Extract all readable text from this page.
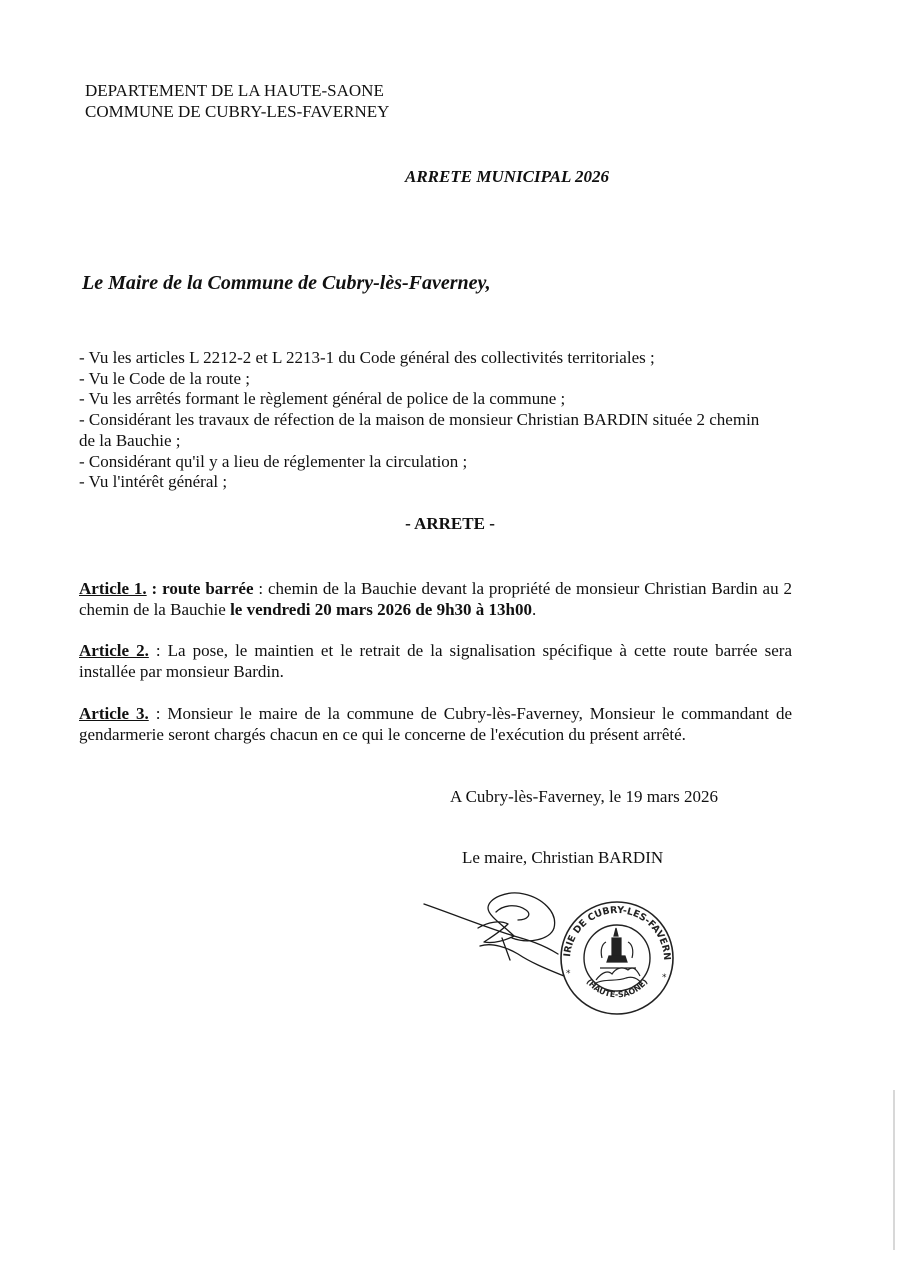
DEPARTEMENT DE LA HAUTE-SAONE
COMMUNE DE CUBRY-LES-FAVERNEY
ARRETE MUNICIPAL 2026
Le Maire de la Commune de Cubry-lès-Faverney,
- Vu les articles L 2212-2 et L 2213-1 du Code général des collectivités territoriales ;
- Vu le Code de la route ;
- Vu les arrêtés formant le règlement général de police de la commune ;
- Considérant les travaux de réfection de la maison de monsieur Christian BARDIN située 2 chemin de la Bauchie ;
- Considérant qu'il y a lieu de réglementer la circulation ;
- Vu l'intérêt général ;
- ARRETE -
Article 1. : route barrée : chemin de la Bauchie devant la propriété de monsieur Christian Bardin au 2 chemin de la Bauchie le vendredi 20 mars 2026 de 9h30 à 13h00.
Article 2. : La pose, le maintien et le retrait de la signalisation spécifique à cette route barrée sera installée par monsieur Bardin.
Article 3. : Monsieur le maire de la commune de Cubry-lès-Faverney, Monsieur le commandant de gendarmerie seront chargés chacun en ce qui le concerne de l'exécution du présent arrêté.
A Cubry-lès-Faverney, le 19 mars 2026
Le maire, Christian BARDIN
IRIE DE CUBRY-LES-FAVERN
(HAUTE-SAONE)
*	*
